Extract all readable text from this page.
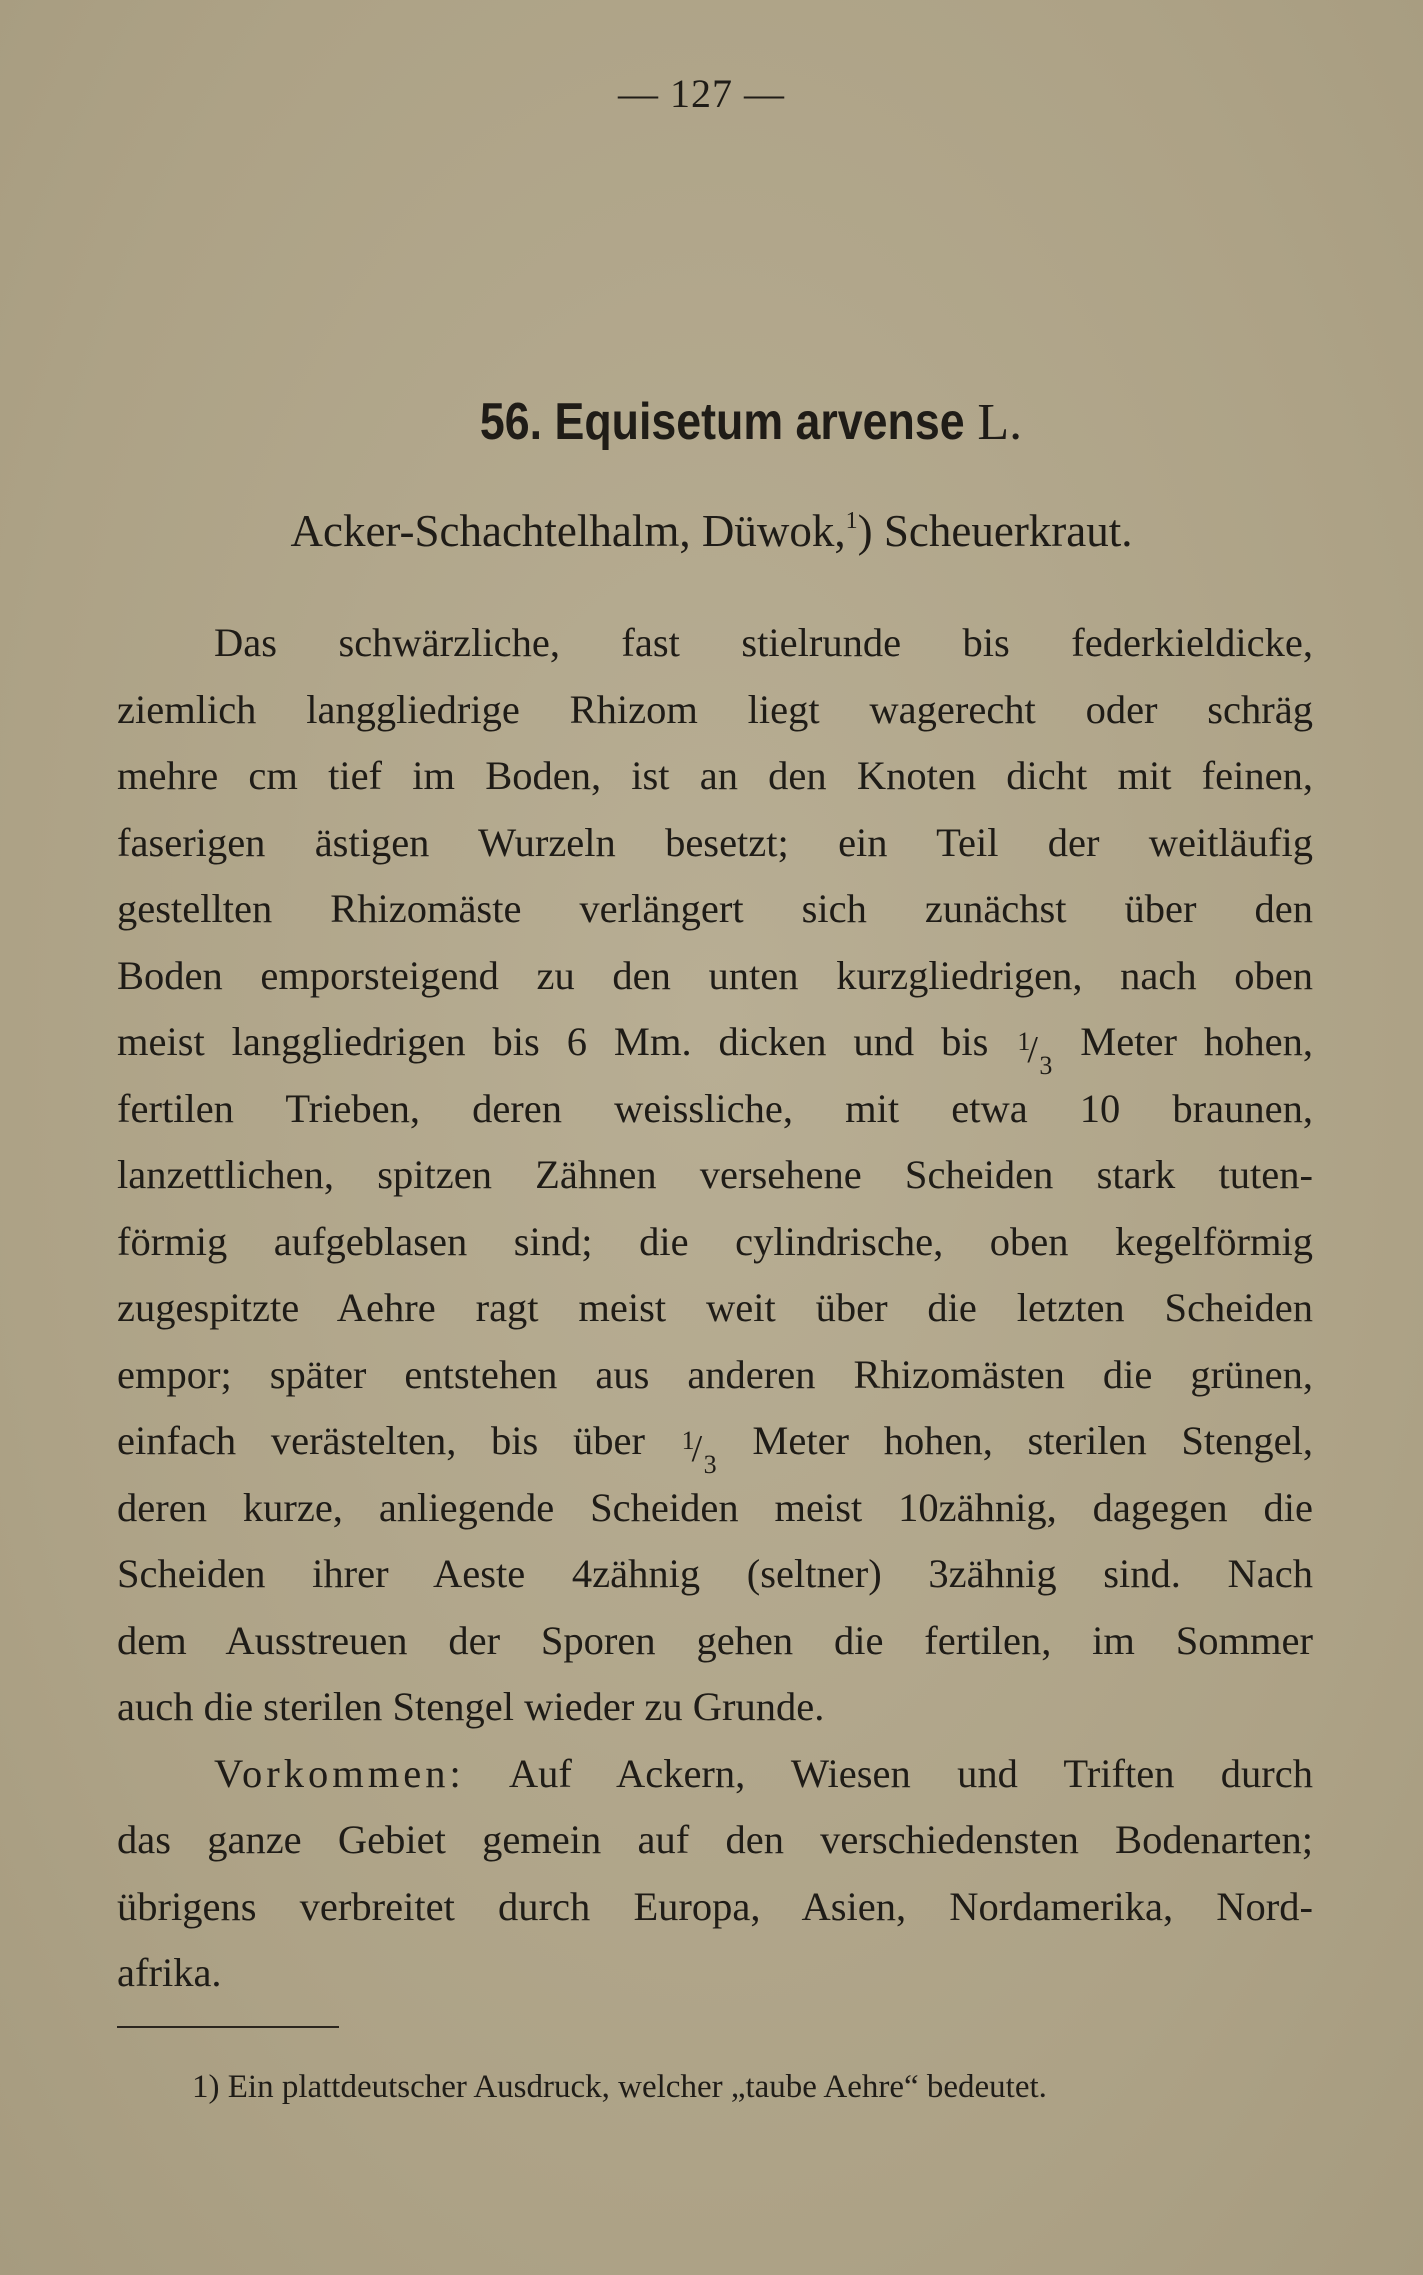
— 127 —
56. Equisetum arvense L.
Acker-Schachtelhalm, Düwok,$^1$) Scheuerkraut.
Das schwärzliche, fast stielrunde bis federkieldicke,
ziemlich langgliedrige Rhizom liegt wagerecht oder schräg
mehre cm tief im Boden, ist an den Knoten dicht mit feinen,
faserigen ästigen Wurzeln besetzt; ein Teil der weitläufig
gestellten Rhizomäste verlängert sich zunächst über den
Boden emporsteigend zu den unten kurzgliedrigen, nach oben
meist langgliedrigen bis 6 Mm. dicken und bis 1
/ 3
Meter hohen,
fertilen Trieben, deren weissliche, mit etwa 10 braunen,
lanzettlichen, spitzen Zähnen versehene Scheiden stark tuten-
förmig aufgeblasen sind; die cylindrische, oben kegelförmig
zugespitzte Aehre ragt meist weit über die letzten Scheiden
empor; später entstehen aus anderen Rhizomästen die grünen,
einfach verästelten, bis über 1
/ 3
Meter hohen, sterilen Stengel,
deren kurze, anliegende Scheiden meist 10zähnig, dagegen die
Scheiden ihrer Aeste 4zähnig (seltner) 3zähnig sind. Nach
dem Ausstreuen der Sporen gehen die fertilen, im Sommer
auch die sterilen Stengel wieder zu Grunde.
Vorkommen: Auf Ackern, Wiesen und Triften durch
das ganze Gebiet gemein auf den verschiedensten Bodenarten;
übrigens verbreitet durch Europa, Asien, Nordamerika, Nord-
afrika.
1) Ein plattdeutscher Ausdruck, welcher „taube Aehre“ bedeutet.
